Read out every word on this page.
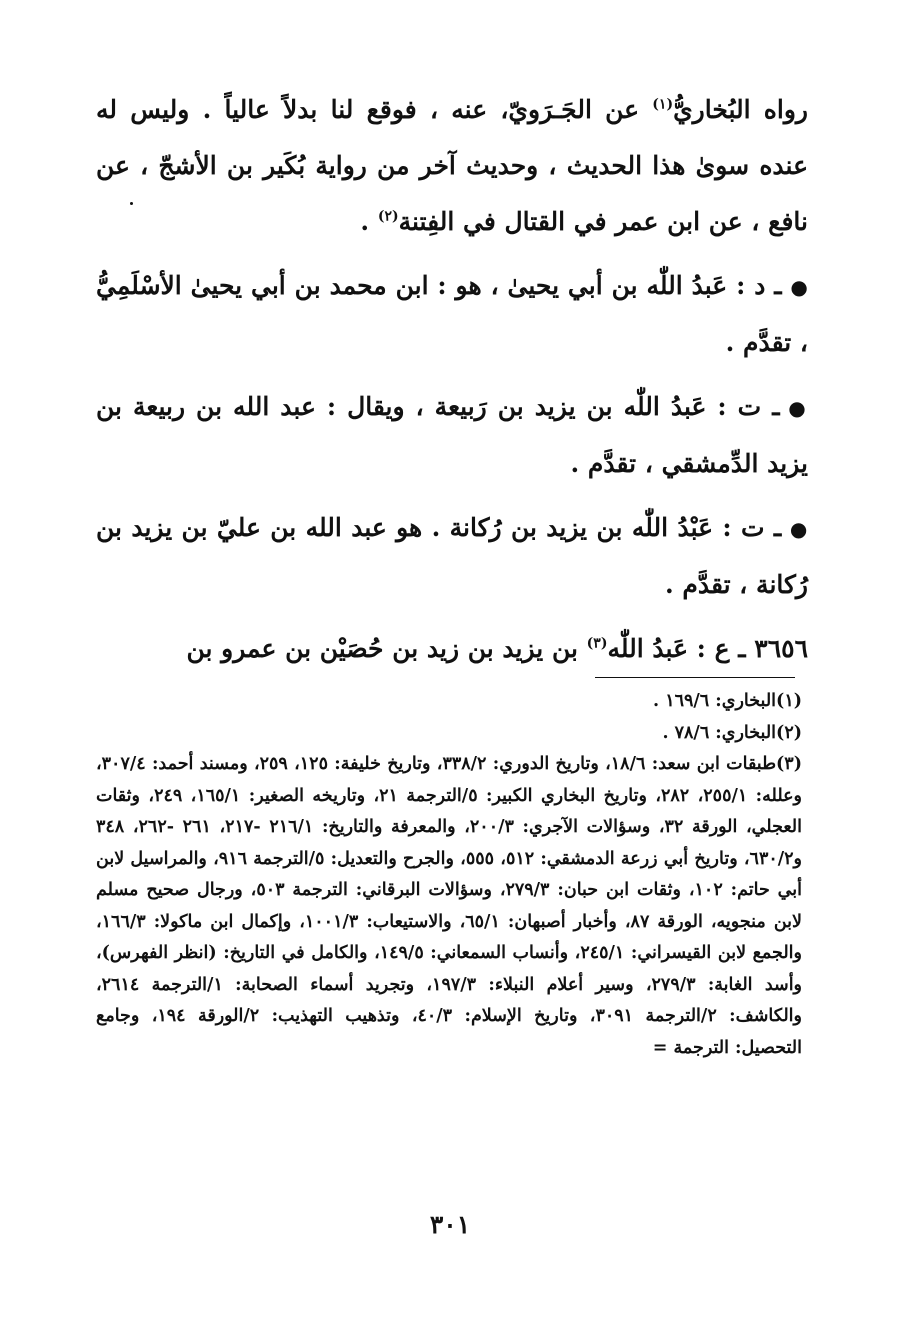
رواه البُخاريُّ$^{(١)}$ عن الجَـرَويّ، عنه ، فوقع لنا بدلاً عالياً . وليس له عنده سوىٰ هذا الحديث ، وحديث آخر من رواية بُكَير بن الأشجّ ، عن نافع ، عن ابن عمر في القتال في الفِتنة$^{(٢)}$ .

● ـ د : عَبدُ اللّٰه بن أبي يحيىٰ ، هو : ابن محمد بن أبي يحيىٰ الأسْلَمِيُّ ، تقدَّم .

● ـ ت : عَبدُ اللّٰه بن يزيد بن رَبيعة ، ويقال : عبد الله بن ربيعة بن يزيد الدِّمشقي ، تقدَّم .

● ـ ت : عَبْدُ اللّٰه بن يزيد بن رُكانة . هو عبد الله بن عليّ بن يزيد بن رُكانة ، تقدَّم .

٣٦٥٦ ـ ع : عَبدُ اللّٰه$^{(٣)}$ بن يزيد بن زيد بن حُصَيْن بن عمرو بن

(١)البخاري: ١٦٩/٦ .

(٢)البخاري: ٧٨/٦ .

(٣)طبقات ابن سعد: ١٨/٦، وتاريخ الدوري: ٣٣٨/٢، وتاريخ خليفة: ١٢٥، ٢٥٩، ومسند أحمد: ٣٠٧/٤، وعلله: ٢٥٥/١، ٢٨٢، وتاريخ البخاري الكبير: ٥/الترجمة ٢١، وتاريخه الصغير: ١٦٥/١، ٢٤٩، وثقات العجلي، الورقة ٣٢، وسؤالات الآجري: ٢٠٠/٣، والمعرفة والتاريخ: ٢١٦/١ -٢١٧، ٢٦١ -٢٦٢، ٣٤٨ و٦٣٠/٢، وتاريخ أبي زرعة الدمشقي: ٥١٢، ٥٥٥، والجرح والتعديل: ٥/الترجمة ٩١٦، والمراسيل لابن أبي حاتم: ١٠٢، وثقات ابن حبان: ٢٧٩/٣، وسؤالات البرقاني: الترجمة ٥٠٣، ورجال صحيح مسلم لابن منجويه، الورقة ٨٧، وأخبار أصبهان: ٦٥/١، والاستيعاب: ١٠٠١/٣، وإكمال ابن ماكولا: ١٦٦/٣، والجمع لابن القيسراني: ٢٤٥/١، وأنساب السمعاني: ١٤٩/٥، والكامل في التاريخ: (انظر الفهرس)، وأسد الغابة: ٢٧٩/٣، وسير أعلام النبلاء: ١٩٧/٣، وتجريد أسماء الصحابة: ١/الترجمة ٢٦١٤، والكاشف: ٢/الترجمة ٣٠٩١، وتاريخ الإسلام: ٤٠/٣، وتذهيب التهذيب: ٢/الورقة ١٩٤، وجامع التحصيل: الترجمة =

٣٠١
